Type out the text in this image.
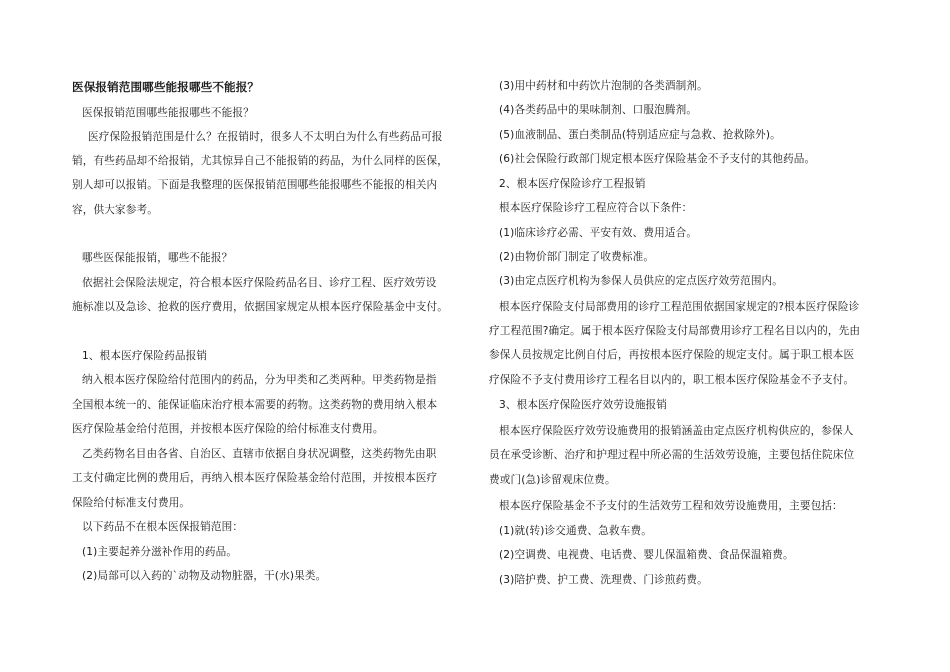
医保报销范围哪些能报哪些不能报？
医保报销范围哪些能报哪些不能报？
医疗保险报销范围是什么？在报销时，很多人不太明白为什么有些药品可报
销，有些药品却不给报销，尤其惊异自己不能报销的药品，为什么同样的医保，
别人却可以报销。下面是我整理的医保报销范围哪些能报哪些不能报的相关内
容，供大家参考。
哪些医保能报销，哪些不能报？
依据社会保险法规定，符合根本医疗保险药品名目、诊疗工程、医疗效劳设
施标准以及急诊、抢救的医疗费用，依据国家规定从根本医疗保险基金中支付。
1、根本医疗保险药品报销
纳入根本医疗保险给付范围内的药品，分为甲类和乙类两种。甲类药物是指
全国根本统一的、能保证临床治疗根本需要的药物。这类药物的费用纳入根本
医疗保险基金给付范围，并按根本医疗保险的给付标准支付费用。
乙类药物名目由各省、自治区、直辖市依据自身状况调整，这类药物先由职
工支付确定比例的费用后，再纳入根本医疗保险基金给付范围，并按根本医疗
保险给付标准支付费用。
以下药品不在根本医保报销范围：
(1)主要起养分滋补作用的药品。
(2)局部可以入药的`动物及动物脏器，干(水)果类。
(3)用中药材和中药饮片泡制的各类酒制剂。
(4)各类药品中的果味制剂、口服泡腾剂。
(5)血液制品、蛋白类制品(特别适应症与急救、抢救除外)。
(6)社会保险行政部门规定根本医疗保险基金不予支付的其他药品。
2、根本医疗保险诊疗工程报销
根本医疗保险诊疗工程应符合以下条件：
(1)临床诊疗必需、平安有效、费用适合。
(2)由物价部门制定了收费标准。
(3)由定点医疗机构为参保人员供应的定点医疗效劳范围内。
根本医疗保险支付局部费用的诊疗工程范围依据国家规定的?根本医疗保险诊
疗工程范围?确定。属于根本医疗保险支付局部费用诊疗工程名目以内的，先由
参保人员按规定比例自付后，再按根本医疗保险的规定支付。属于职工根本医
疗保险不予支付费用诊疗工程名目以内的，职工根本医疗保险基金不予支付。
3、根本医疗保险医疗效劳设施报销
根本医疗保险医疗效劳设施费用的报销涵盖由定点医疗机构供应的，参保人
员在承受诊断、治疗和护理过程中所必需的生活效劳设施，主要包括住院床位
费或门(急)诊留观床位费。
根本医疗保险基金不予支付的生活效劳工程和效劳设施费用，主要包括：
(1)就(转)诊交通费、急救车费。
(2)空调费、电视费、电话费、婴儿保温箱费、食品保温箱费。
(3)陪护费、护工费、洗理费、门诊煎药费。
